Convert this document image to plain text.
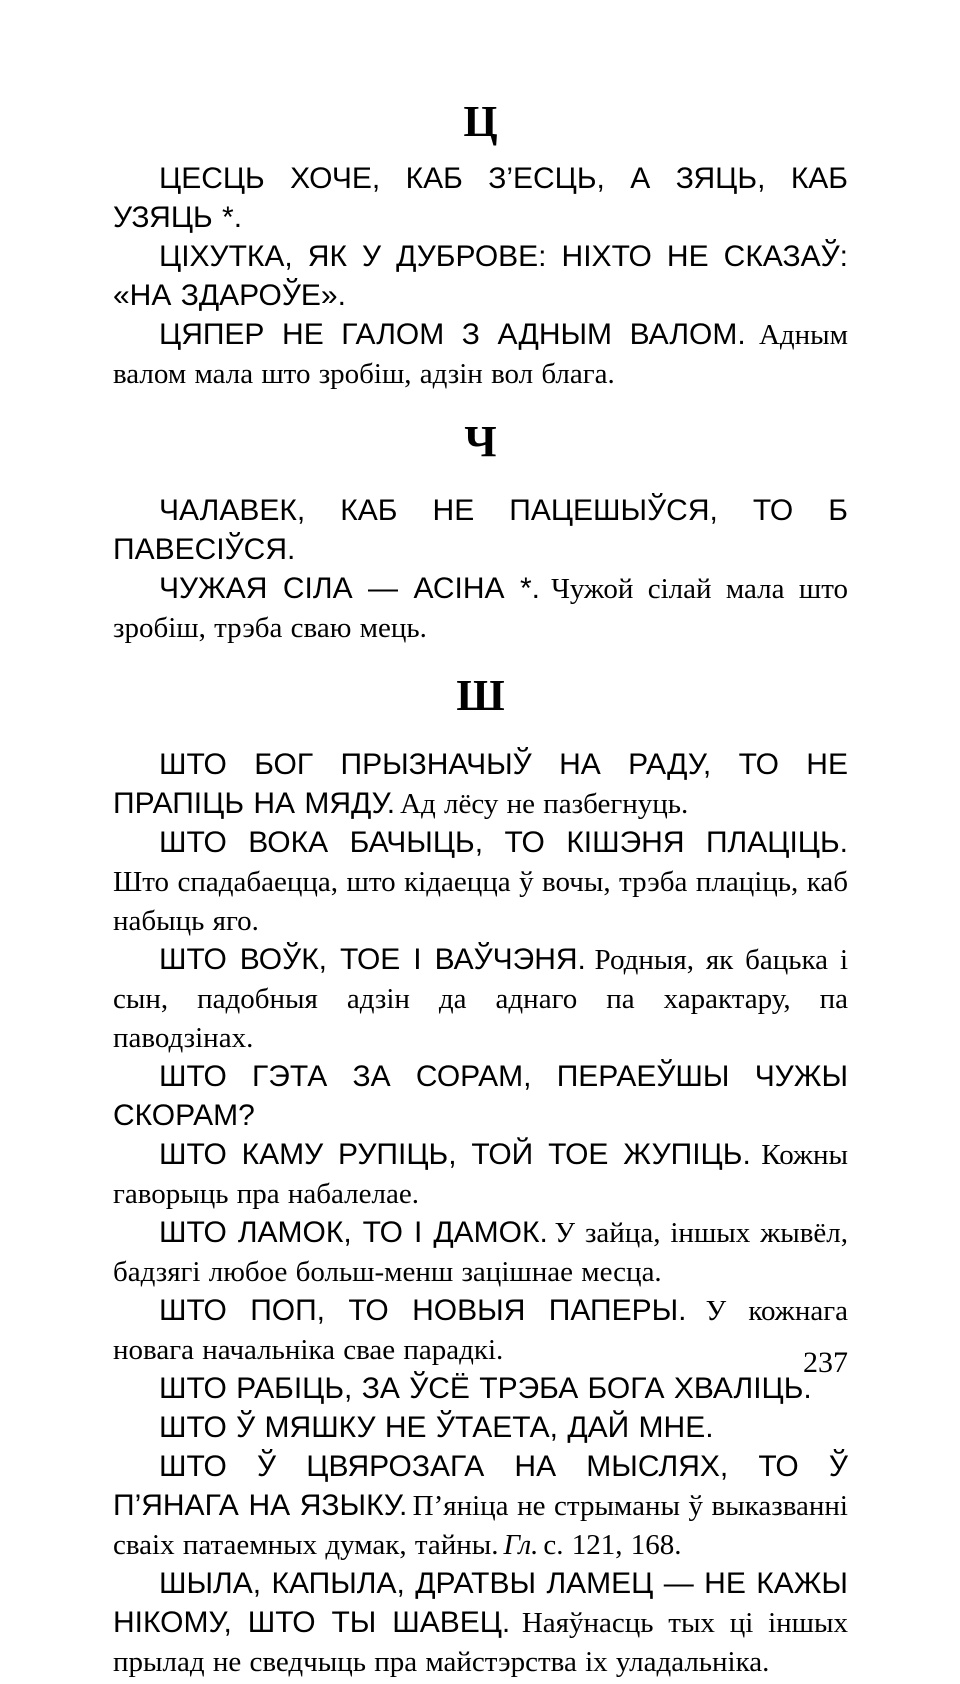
Ц

ЦЕСЦЬ ХОЧЕ, КАБ З’ЕСЦЬ, А ЗЯЦЬ, КАБ УЗЯЦЬ *.

ЦІХУТКА, ЯК У ДУБРОВЕ: НІХТО НЕ СКАЗАЎ: «НА ЗДАРОЎЕ».

ЦЯПЕР НЕ ГАЛОМ З АДНЫМ ВАЛОМ. Адным валом мала што зробіш, адзін вол блага.

Ч

ЧАЛАВЕК, КАБ НЕ ПАЦЕШЫЎСЯ, ТО Б ПАВЕСІЎСЯ.

ЧУЖАЯ СІЛА — АСІНА *. Чужой сілай мала што зробіш, трэба сваю мець.

Ш

ШТО БОГ ПРЫЗНАЧЫЎ НА РАДУ, ТО НЕ ПРАПІЦЬ НА МЯДУ. Ад лёсу не пазбегнуць.

ШТО ВОКА БАЧЫЦЬ, ТО КІШЭНЯ ПЛАЦІЦЬ. Што спадабаецца, што кідаецца ў вочы, трэба плаціць, каб набыць яго.

ШТО ВОЎК, ТОЕ І ВАЎЧЭНЯ. Родныя, як бацька і сын, падобныя адзін да аднаго па характару, па паводзінах.

ШТО ГЭТА ЗА СОРАМ, ПЕРАЕЎШЫ ЧУЖЫ СКОРАМ?

ШТО КАМУ РУПІЦЬ, ТОЙ ТОЕ ЖУПІЦЬ. Кожны гаворыць пра набалелае.

ШТО ЛАМОК, ТО І ДАМОК. У зайца, іншых жывёл, бадзягі любое больш-менш зацішнае месца.

ШТО ПОП, ТО НОВЫЯ ПАПЕРЫ. У кожнага новага начальніка свае парадкі.

ШТО РАБІЦЬ, ЗА ЎСЁ ТРЭБА БОГА ХВАЛІЦЬ.

ШТО Ў МЯШКУ НЕ ЎТАЕТА, ДАЙ МНЕ.

ШТО Ў ЦВЯРОЗАГА НА МЫСЛЯХ, ТО Ў П’ЯНАГА НА ЯЗЫКУ. П’яніца не стрыманы ў выказванні сваіх патаемных думак, тайны. Гл. с. 121, 168.

ШЫЛА, КАПЫЛА, ДРАТВЫ ЛАМЕЦ — НЕ КАЖЫ НІКОМУ, ШТО ТЫ ШАВЕЦ. Наяўнасць тых ці іншых прылад не сведчыць пра майстэрства іх уладальніка.

237
